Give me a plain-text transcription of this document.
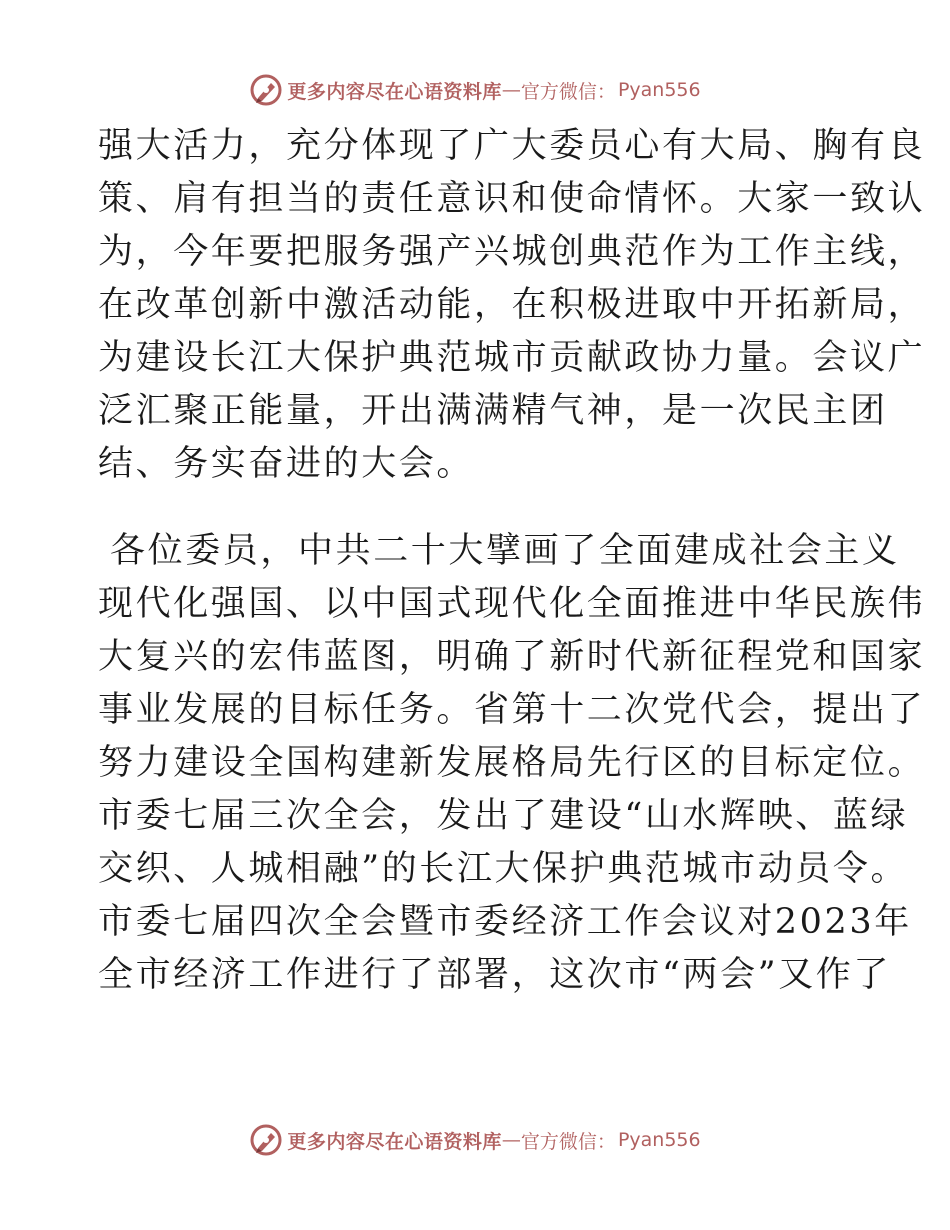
更多内容尽在心语资料库 — 官方微信： Pyan556
强大活力，充分体现了广大委员心有大局、胸有良
策、肩有担当的责任意识和使命情怀。大家一致认
为，今年要把服务强产兴城创典范作为工作主线，
在改革创新中激活动能，在积极进取中开拓新局，
为建设长江大保护典范城市贡献政协力量。会议广
泛汇聚正能量，开出满满精气神，是一次民主团
结、务实奋进的大会。
各位委员，中共二十大擘画了全面建成社会主义
现代化强国、以中国式现代化全面推进中华民族伟
大复兴的宏伟蓝图，明确了新时代新征程党和国家
事业发展的目标任务。省第十二次党代会，提出了
努力建设全国构建新发展格局先行区的目标定位。
市委七届三次全会，发出了建设“山水辉映、蓝绿
交织、人城相融”的长江大保护典范城市动员令。
市委七届四次全会暨市委经济工作会议对2023年
全市经济工作进行了部署，这次市“两会”又作了
更多内容尽在心语资料库 — 官方微信： Pyan556
